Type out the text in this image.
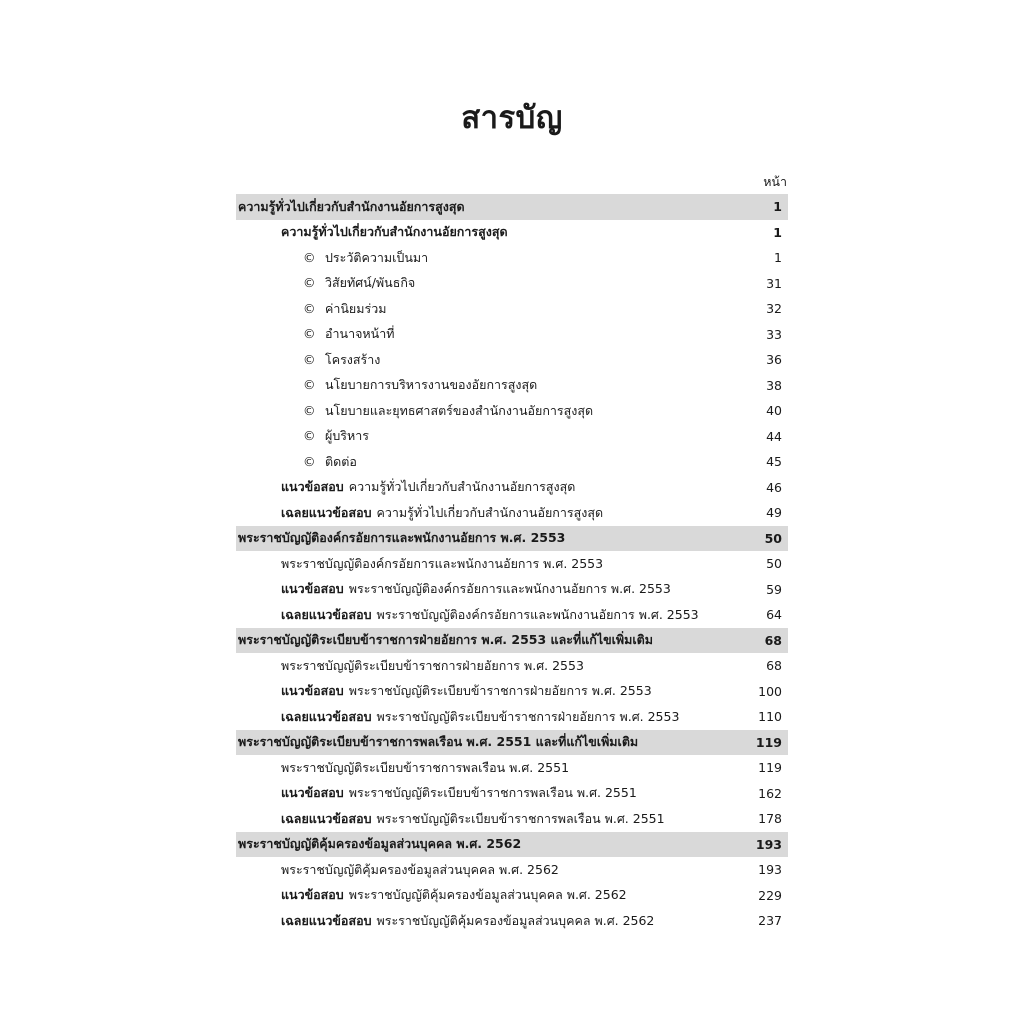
สารบัญ
หน้า
ความรู้ทั่วไปเกี่ยวกับสำนักงานอัยการสูงสุด	1
ความรู้ทั่วไปเกี่ยวกับสำนักงานอัยการสูงสุด	1
© ประวัติความเป็นมา	1
© วิสัยทัศน์/พันธกิจ	31
© ค่านิยมร่วม	32
© อำนาจหน้าที่	33
© โครงสร้าง	36
© นโยบายการบริหารงานของอัยการสูงสุด	38
© นโยบายและยุทธศาสตร์ของสำนักงานอัยการสูงสุด	40
© ผู้บริหาร	44
© ติดต่อ	45
แนวข้อสอบ ความรู้ทั่วไปเกี่ยวกับสำนักงานอัยการสูงสุด	46
เฉลยแนวข้อสอบ ความรู้ทั่วไปเกี่ยวกับสำนักงานอัยการสูงสุด	49
พระราชบัญญัติองค์กรอัยการและพนักงานอัยการ พ.ศ. 2553	50
พระราชบัญญัติองค์กรอัยการและพนักงานอัยการ พ.ศ. 2553	50
แนวข้อสอบ พระราชบัญญัติองค์กรอัยการและพนักงานอัยการ พ.ศ. 2553	59
เฉลยแนวข้อสอบ พระราชบัญญัติองค์กรอัยการและพนักงานอัยการ พ.ศ. 2553	64
พระราชบัญญัติระเบียบข้าราชการฝ่ายอัยการ พ.ศ. 2553 และที่แก้ไขเพิ่มเติม	68
พระราชบัญญัติระเบียบข้าราชการฝ่ายอัยการ พ.ศ. 2553	68
แนวข้อสอบ พระราชบัญญัติระเบียบข้าราชการฝ่ายอัยการ พ.ศ. 2553	100
เฉลยแนวข้อสอบ พระราชบัญญัติระเบียบข้าราชการฝ่ายอัยการ พ.ศ. 2553	110
พระราชบัญญัติระเบียบข้าราชการพลเรือน พ.ศ. 2551 และที่แก้ไขเพิ่มเติม	119
พระราชบัญญัติระเบียบข้าราชการพลเรือน พ.ศ. 2551	119
แนวข้อสอบ พระราชบัญญัติระเบียบข้าราชการพลเรือน พ.ศ. 2551	162
เฉลยแนวข้อสอบ พระราชบัญญัติระเบียบข้าราชการพลเรือน พ.ศ. 2551	178
พระราชบัญญัติคุ้มครองข้อมูลส่วนบุคคล พ.ศ. 2562	193
พระราชบัญญัติคุ้มครองข้อมูลส่วนบุคคล พ.ศ. 2562	193
แนวข้อสอบ พระราชบัญญัติคุ้มครองข้อมูลส่วนบุคคล พ.ศ. 2562	229
เฉลยแนวข้อสอบ พระราชบัญญัติคุ้มครองข้อมูลส่วนบุคคล พ.ศ. 2562	237
